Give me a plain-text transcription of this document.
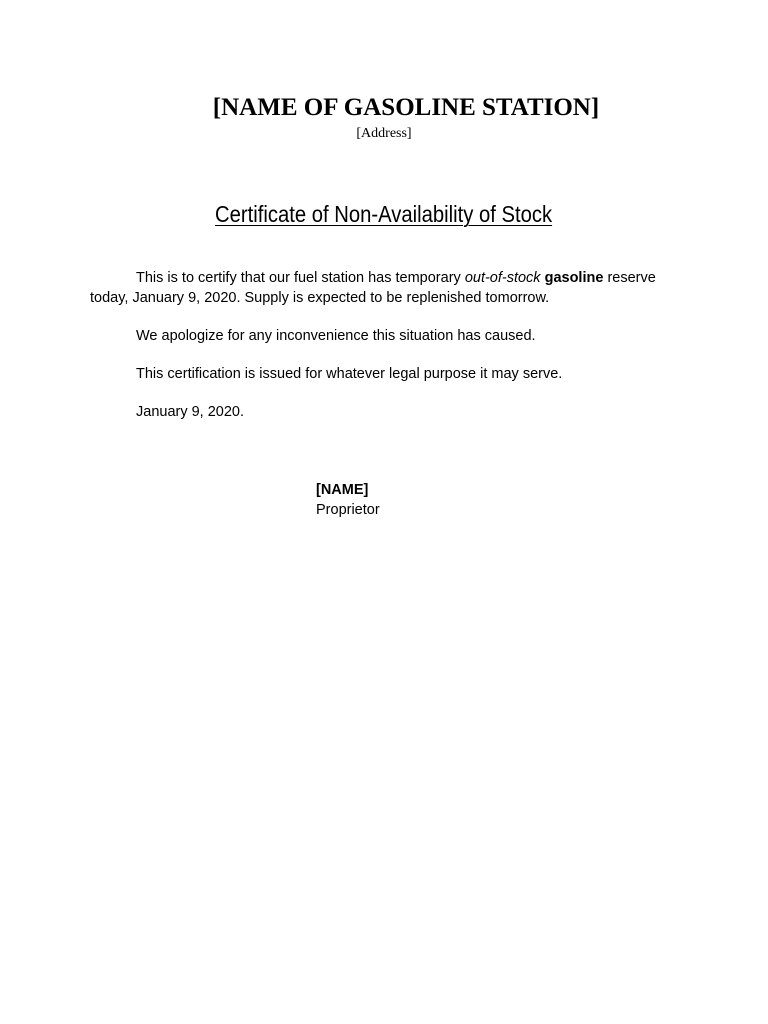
[NAME OF GASOLINE STATION]
[Address]
Certificate of Non-Availability of Stock
This is to certify that our fuel station has temporary out-of-stock gasoline reserve
today, January 9, 2020. Supply is expected to be replenished tomorrow.
We apologize for any inconvenience this situation has caused.
This certification is issued for whatever legal purpose it may serve.
January 9, 2020.
[NAME]
Proprietor
